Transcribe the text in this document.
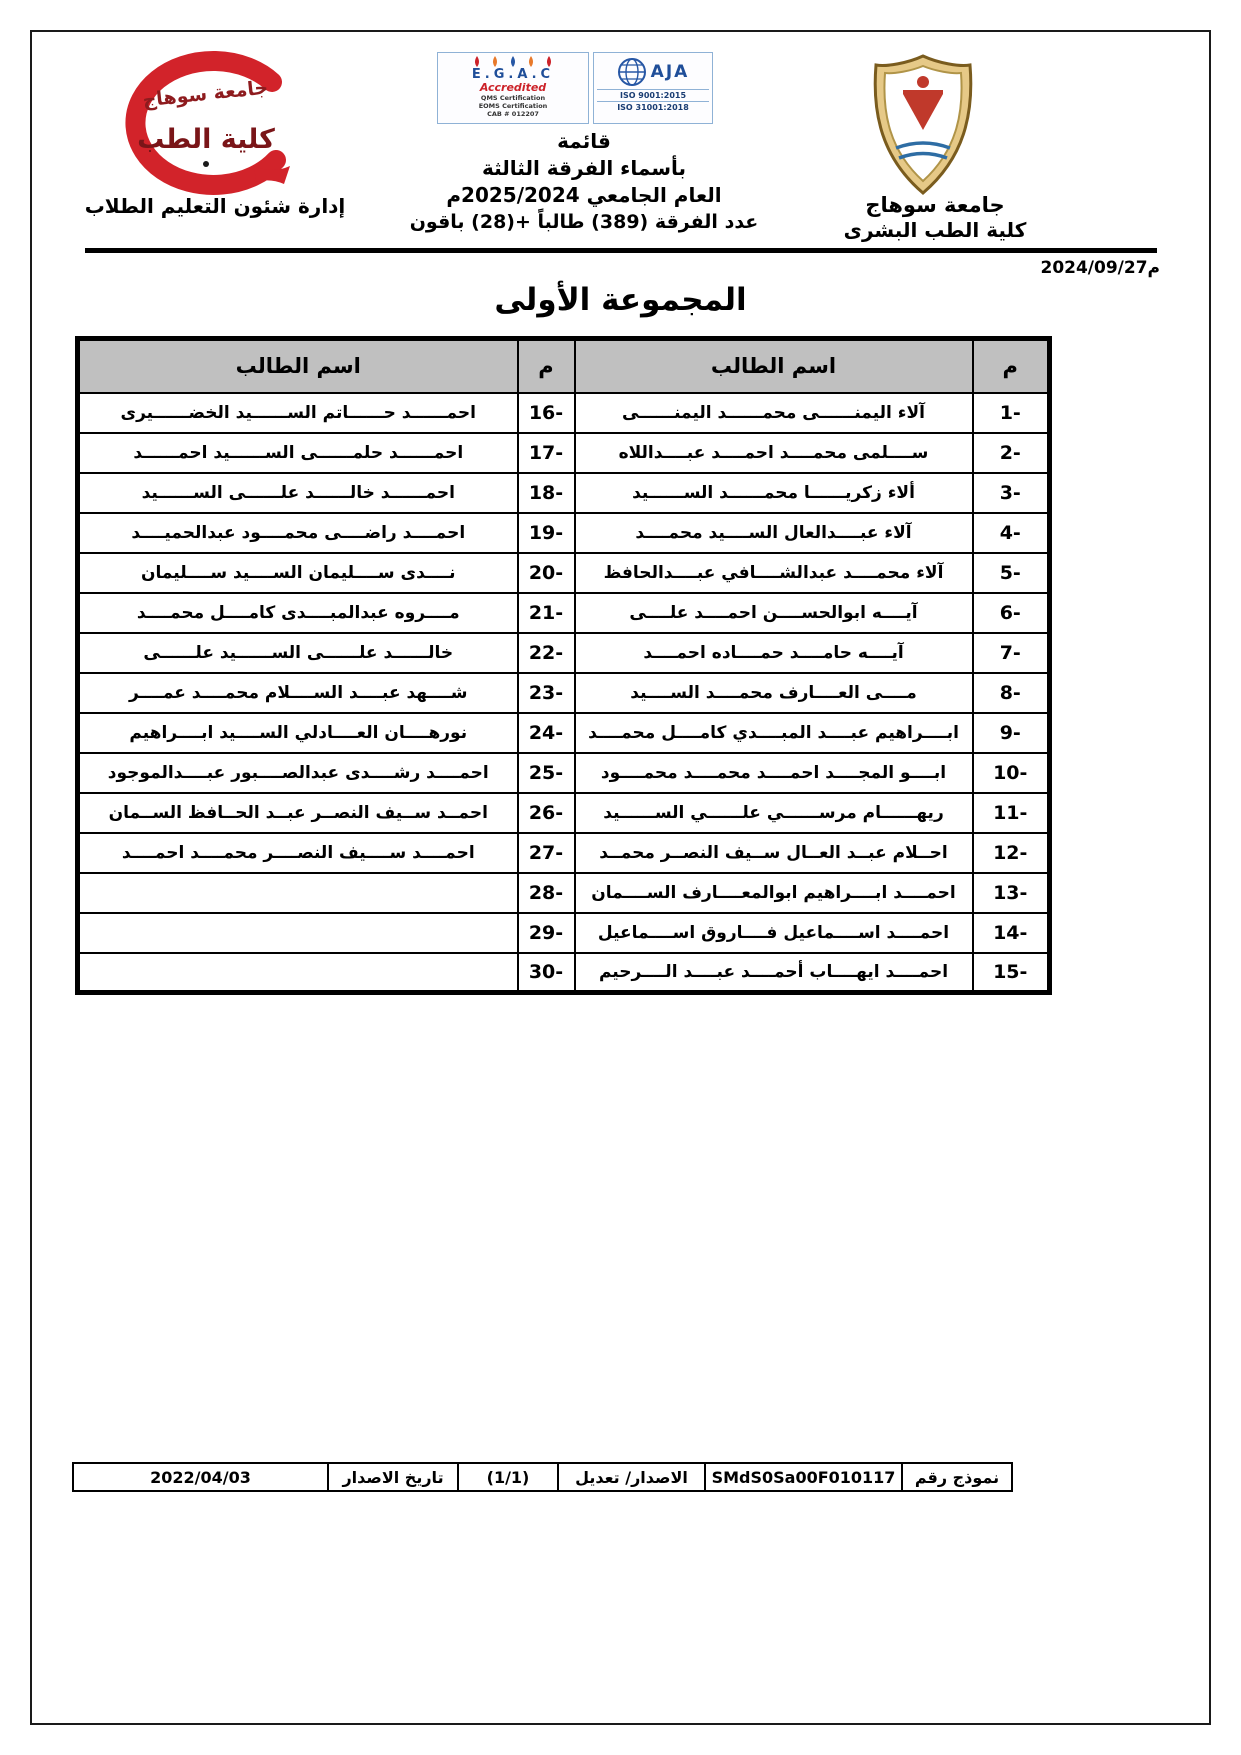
جامعة سوهاج
كلية الطب
إدارة شئون التعليم الطلاب
E.G.A.C
Accredited
QMS Certification
EOMS Certification
CAB # 012207
AJA
ISO 9001:2015
ISO 31001:2018
قائمة
بأسماء الفرقة الثالثة
العام الجامعي 2025/2024م
عدد الفرقة (389) طالباً +(28) باقون
جامعة سوهاج
كلية الطب البشرى
2024/09/27م
المجموعة الأولى
اسم الطالب	م	اسم الطالب	م
احمــــــد حــــــاتم الســــــيد الخضــــــيرى	16-	آلاء اليمنــــــى محمــــــد اليمنــــــى	1-
احمــــــد حلمــــــى الســــــيد احمــــــد	17-	ســــلمى محمــــد احمــــد عبــــداللاه	2-
احمــــــد خالــــــد علــــــى الســــــيد	18-	ألاء زكريــــــا محمــــــد الســــــيد	3-
احمــــد راضــــى محمــــود عبدالحميــــد	19-	آلاء عبــــدالعال الســــيد محمــــد	4-
نــــدى ســــليمان الســــيد ســــليمان	20-	آلاء محمــــد عبدالشــــافي عبــــدالحافظ	5-
مــــروه عبدالمبــــدى كامــــل محمــــد	21-	آيــــه ابوالحســــن احمــــد علــــى	6-
خالــــــد علــــــى الســــــيد علــــــى	22-	آيــــه حامــــد حمــــاده احمــــد	7-
شــــهد عبــــد الســــلام محمــــد عمــــر	23-	مــــى العــــارف محمــــد الســــيد	8-
نورهــــان العــــادلي الســــيد ابــــراهيم	24-	ابــــراهيم عبــــد المبــــدي كامــــل محمــــد	9-
احمــــد رشــــدى عبدالصــــبور عبــــدالموجود	25-	ابــــو المجــــد احمــــد محمــــد محمــــود	10-
احمــد ســيف النصــر عبــد الحــافظ الســمان	26-	ريهــــــام مرســــــي علــــــي الســــــيد	11-
احمــــد ســــيف النصــــر محمــــد احمــــد	27-	احــلام عبــد العــال ســيف النصــر محمــد	12-
	28-	احمــــد ابــــراهيم ابوالمعــــارف الســــمان	13-
	29-	احمــــد اســــماعيل فــــاروق اســــماعيل	14-
	30-	احمــــد ايهــــاب أحمــــد عبــــد الــــرحيم	15-
2022/04/03	تاريخ الاصدار	(1/1)	الاصدار/ تعديل	SMdS0Sa00F010117	نموذج رقم
